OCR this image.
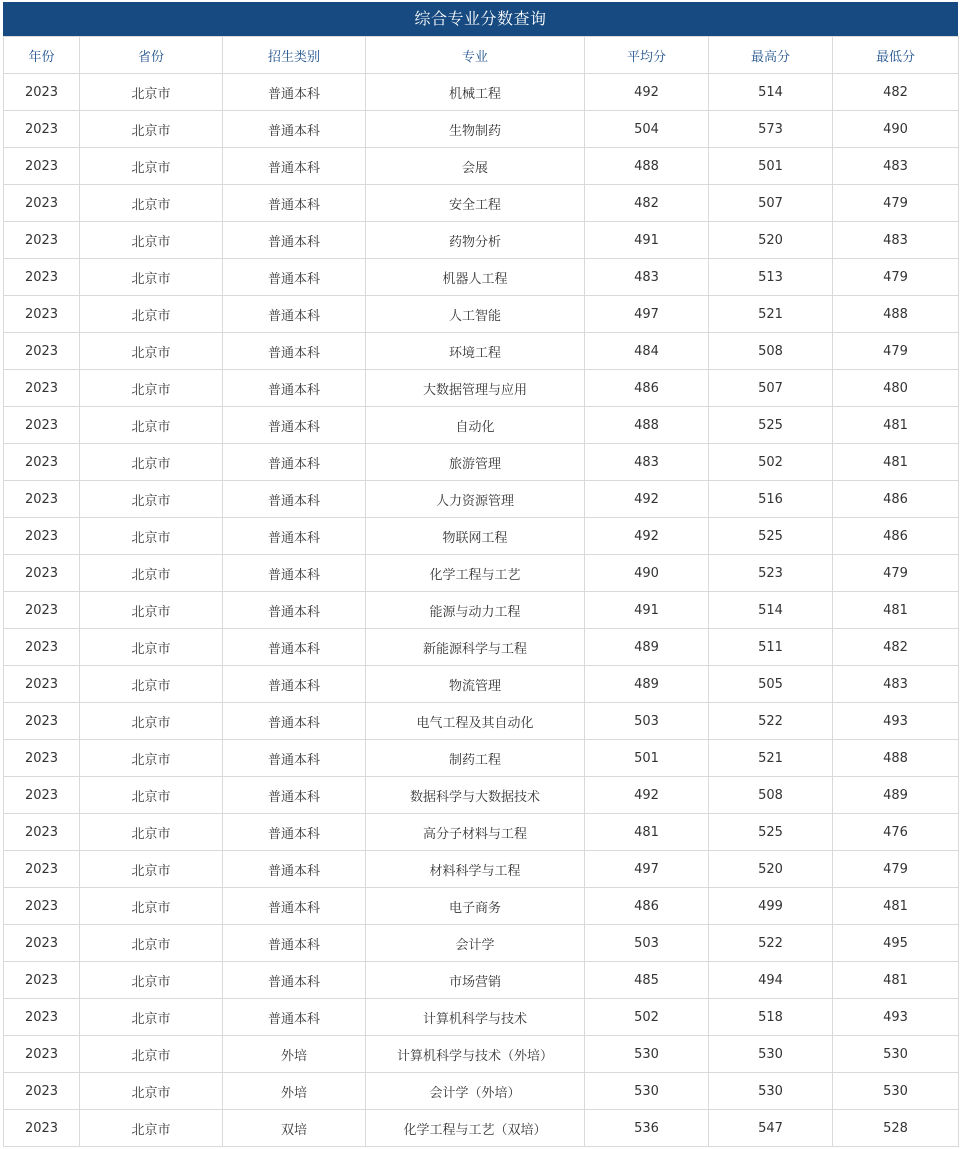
综合专业分数查询
年份	省份	招生类别	专业	平均分	最高分	最低分
2023	北京市	普通本科	机械工程	492	514	482
2023	北京市	普通本科	生物制药	504	573	490
2023	北京市	普通本科	会展	488	501	483
2023	北京市	普通本科	安全工程	482	507	479
2023	北京市	普通本科	药物分析	491	520	483
2023	北京市	普通本科	机器人工程	483	513	479
2023	北京市	普通本科	人工智能	497	521	488
2023	北京市	普通本科	环境工程	484	508	479
2023	北京市	普通本科	大数据管理与应用	486	507	480
2023	北京市	普通本科	自动化	488	525	481
2023	北京市	普通本科	旅游管理	483	502	481
2023	北京市	普通本科	人力资源管理	492	516	486
2023	北京市	普通本科	物联网工程	492	525	486
2023	北京市	普通本科	化学工程与工艺	490	523	479
2023	北京市	普通本科	能源与动力工程	491	514	481
2023	北京市	普通本科	新能源科学与工程	489	511	482
2023	北京市	普通本科	物流管理	489	505	483
2023	北京市	普通本科	电气工程及其自动化	503	522	493
2023	北京市	普通本科	制药工程	501	521	488
2023	北京市	普通本科	数据科学与大数据技术	492	508	489
2023	北京市	普通本科	高分子材料与工程	481	525	476
2023	北京市	普通本科	材料科学与工程	497	520	479
2023	北京市	普通本科	电子商务	486	499	481
2023	北京市	普通本科	会计学	503	522	495
2023	北京市	普通本科	市场营销	485	494	481
2023	北京市	普通本科	计算机科学与技术	502	518	493
2023	北京市	外培	计算机科学与技术（外培）	530	530	530
2023	北京市	外培	会计学（外培）	530	530	530
2023	北京市	双培	化学工程与工艺（双培）	536	547	528
